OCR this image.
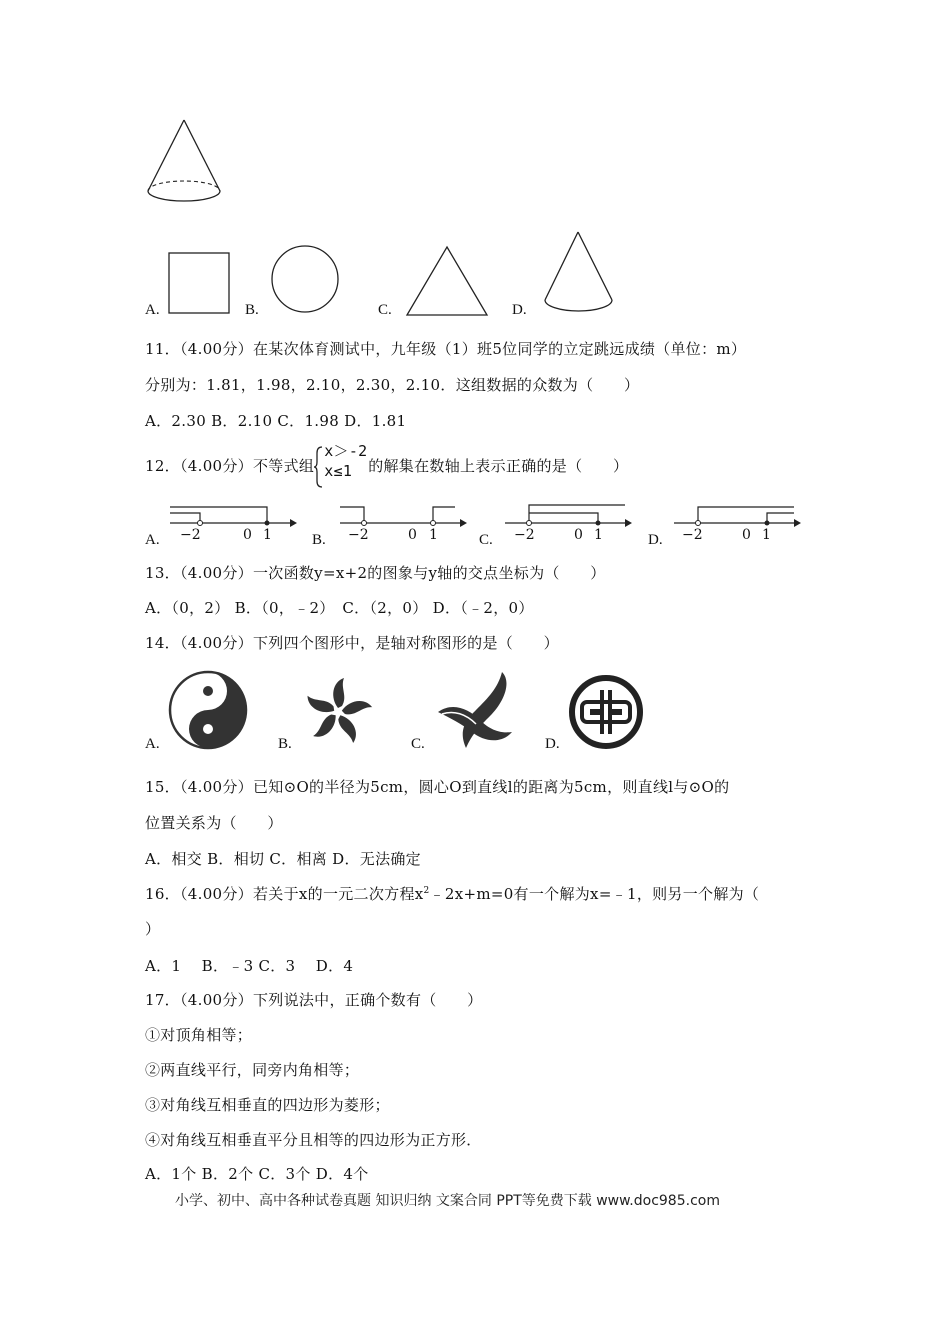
A.	B.	C.	D.
11．（4.00分）在某次体育测试中，九年级（1）班5位同学的立定跳远成绩（单位：m）
分别为：1.81，1.98，2.10，2.30，2.10．这组数据的众数为（　　）
A．2.30 B．2.10 C．1.98 D．1.81
12．（4.00分）不等式组
x＞-2
x≤1 的解集在数轴上表示正确的是（　　）
A. −2	0 1	B. −2	0 1	C. −2	0 1	D. −2	0 1
13．（4.00分）一次函数y=x+2的图象与y轴的交点坐标为（　　）
A．（0，2） B．（0，﹣2）　C．（2，0） D．（﹣2，0）
14．（4.00分）下列四个图形中，是轴对称图形的是（　　）
A.	B.	C.	D.
15．（4.00分）已知⊙O的半径为5cm，圆心O到直线l的距离为5cm，则直线l与⊙O的
位置关系为（　　）
A．相交 B．相切 C．相离 D．无法确定
16．（4.00分）若关于x的一元二次方程$x^2﹣2x+m=0$有一个解为x=﹣1，则另一个解为（
）
A．1　 B．﹣3 C．3　 D．4
17．（4.00分）下列说法中，正确个数有（　　）
①对顶角相等；
②两直线平行，同旁内角相等；
③对角线互相垂直的四边形为菱形；
④对角线互相垂直平分且相等的四边形为正方形．
A．1个 B．2个 C．3个 D．4个
小学、初中、高中各种试卷真题 知识归纳 文案合同 PPT等免费下载 www.doc985.com
